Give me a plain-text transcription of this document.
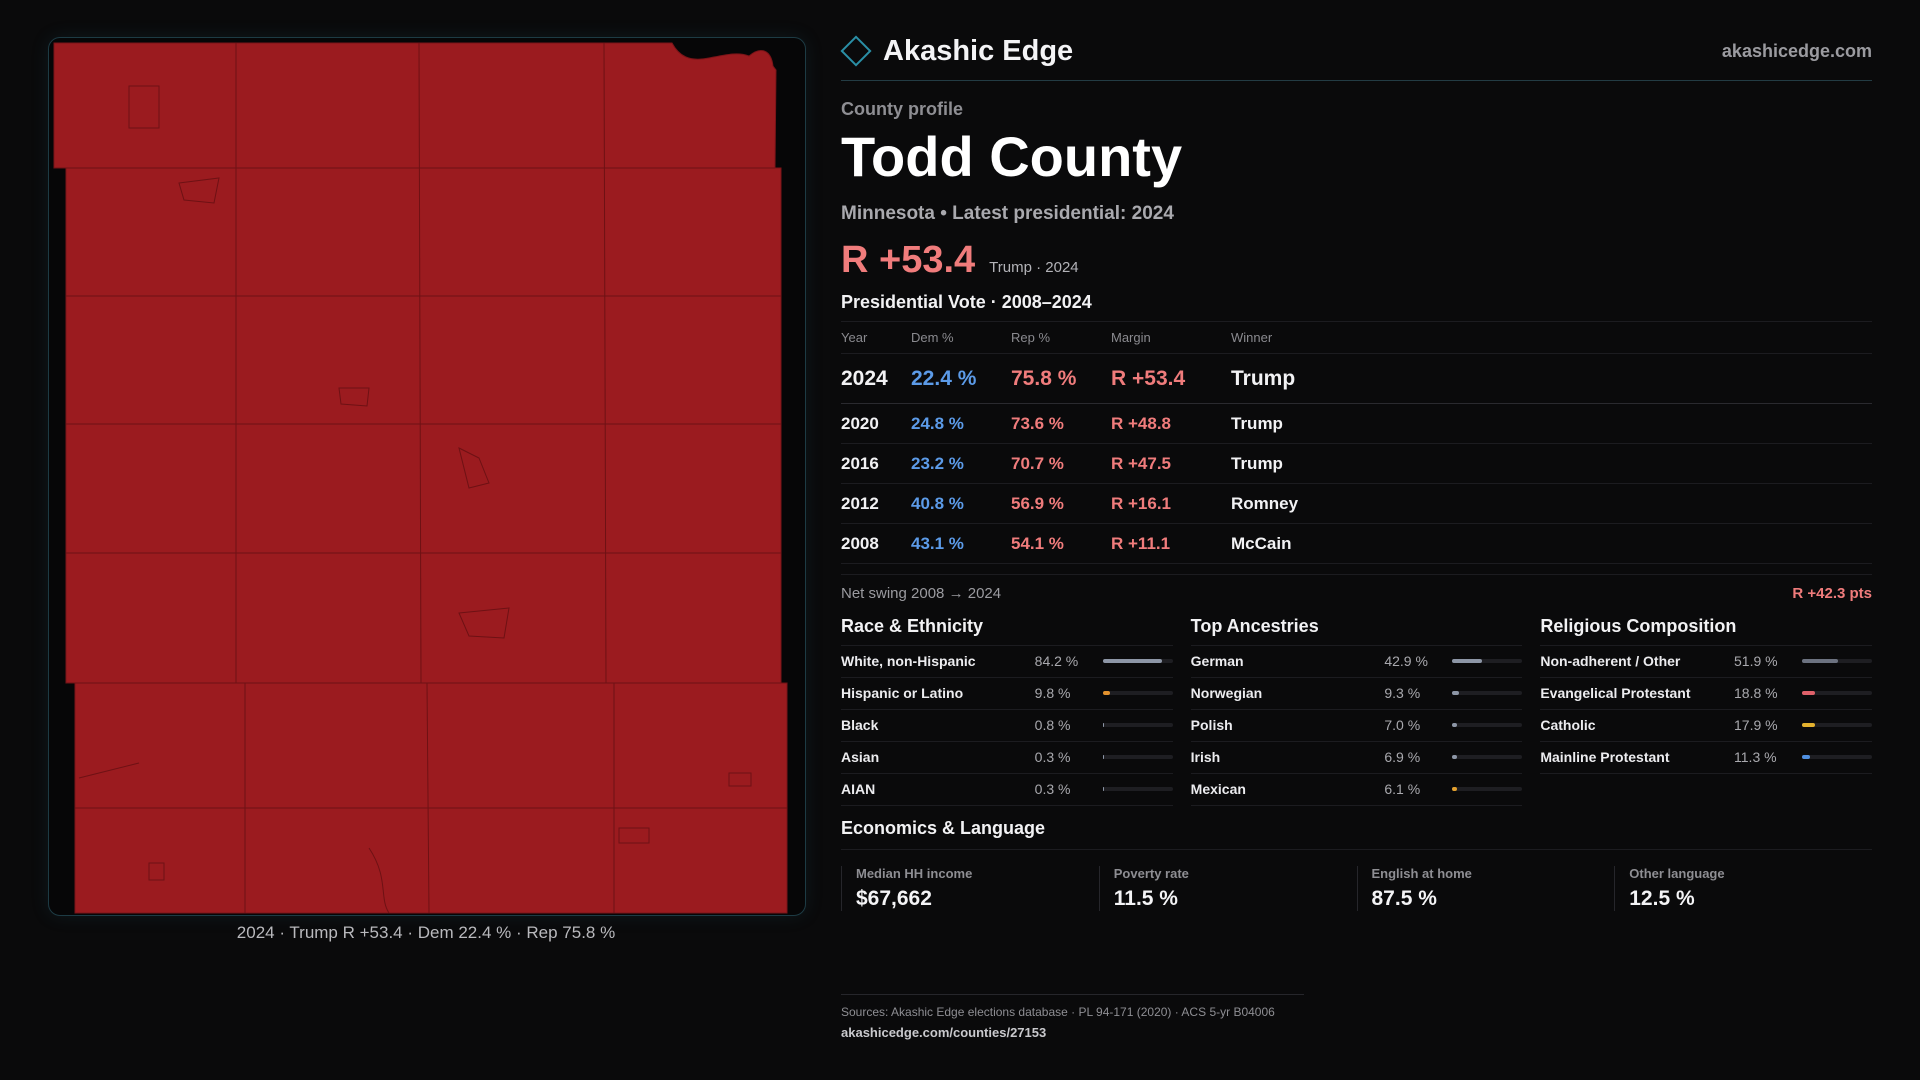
2024 · Trump R +53.4 · Dem 22.4 % · Rep 75.8 %
Akashic Edge	akashicedge.com
County profile
Todd County
Minnesota • Latest presidential: 2024
R +53.4 Trump · 2024
Presidential Vote · 2008–2024
Year	Dem %	Rep %	Margin	Winner
2024	22.4 %	75.8 %	R +53.4	Trump
2020	24.8 %	73.6 %	R +48.8	Trump
2016	23.2 %	70.7 %	R +47.5	Trump
2012	40.8 %	56.9 %	R +16.1	Romney
2008	43.1 %	54.1 %	R +11.1	McCain
Net swing 2008 → 2024	R +42.3 pts
Race & Ethnicity
White, non-Hispanic	84.2 %
Hispanic or Latino	9.8 %
Black	0.8 %
Asian	0.3 %
AIAN	0.3 %
Top Ancestries
German	42.9 %
Norwegian	9.3 %
Polish	7.0 %
Irish	6.9 %
Mexican	6.1 %
Religious Composition
Non-adherent / Other	51.9 %
Evangelical Protestant	18.8 %
Catholic	17.9 %
Mainline Protestant	11.3 %
Economics & Language
Median HH income
$67,662
Poverty rate
11.5 %
English at home
87.5 %
Other language
12.5 %
Sources: Akashic Edge elections database · PL 94-171 (2020) · ACS 5-yr B04006
akashicedge.com/counties/27153
